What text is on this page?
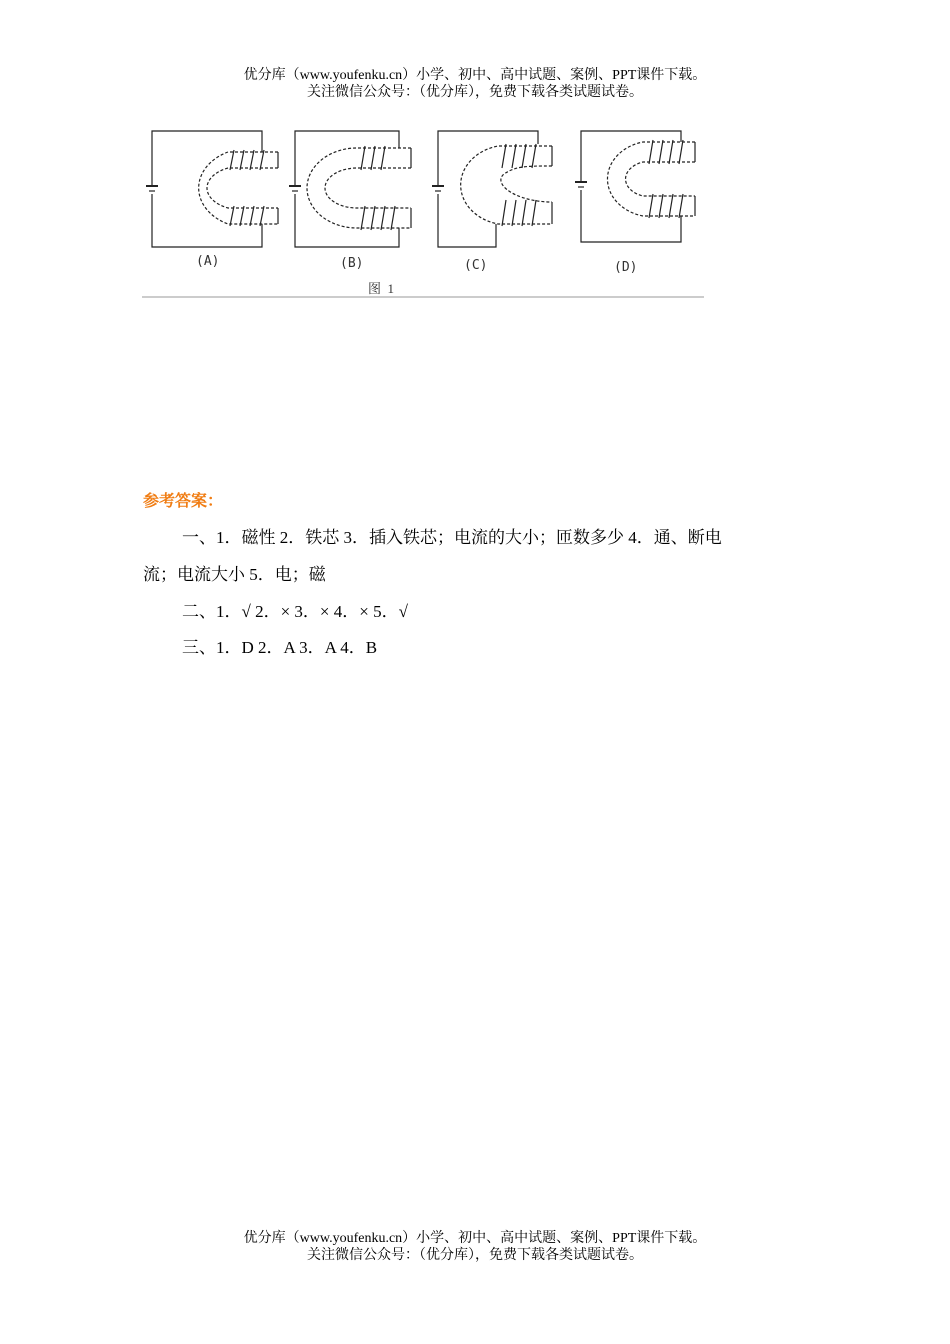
优分库（www.youfenku.cn）小学、初中、高中试题、案例、PPT课件下载。
关注微信公众号：（优分库），免费下载各类试题试卷。
(A)	(B)	(C)	(D)
图  1
参考答案：
一、1．磁性 2．铁芯 3．插入铁芯；电流的大小；匝数多少 4．通、断电
流；电流大小 5．电；磁
二、1．√ 2．× 3．× 4．× 5．√
三、1．D 2．A 3．A 4．B
优分库（www.youfenku.cn）小学、初中、高中试题、案例、PPT课件下载。
关注微信公众号：（优分库），免费下载各类试题试卷。
